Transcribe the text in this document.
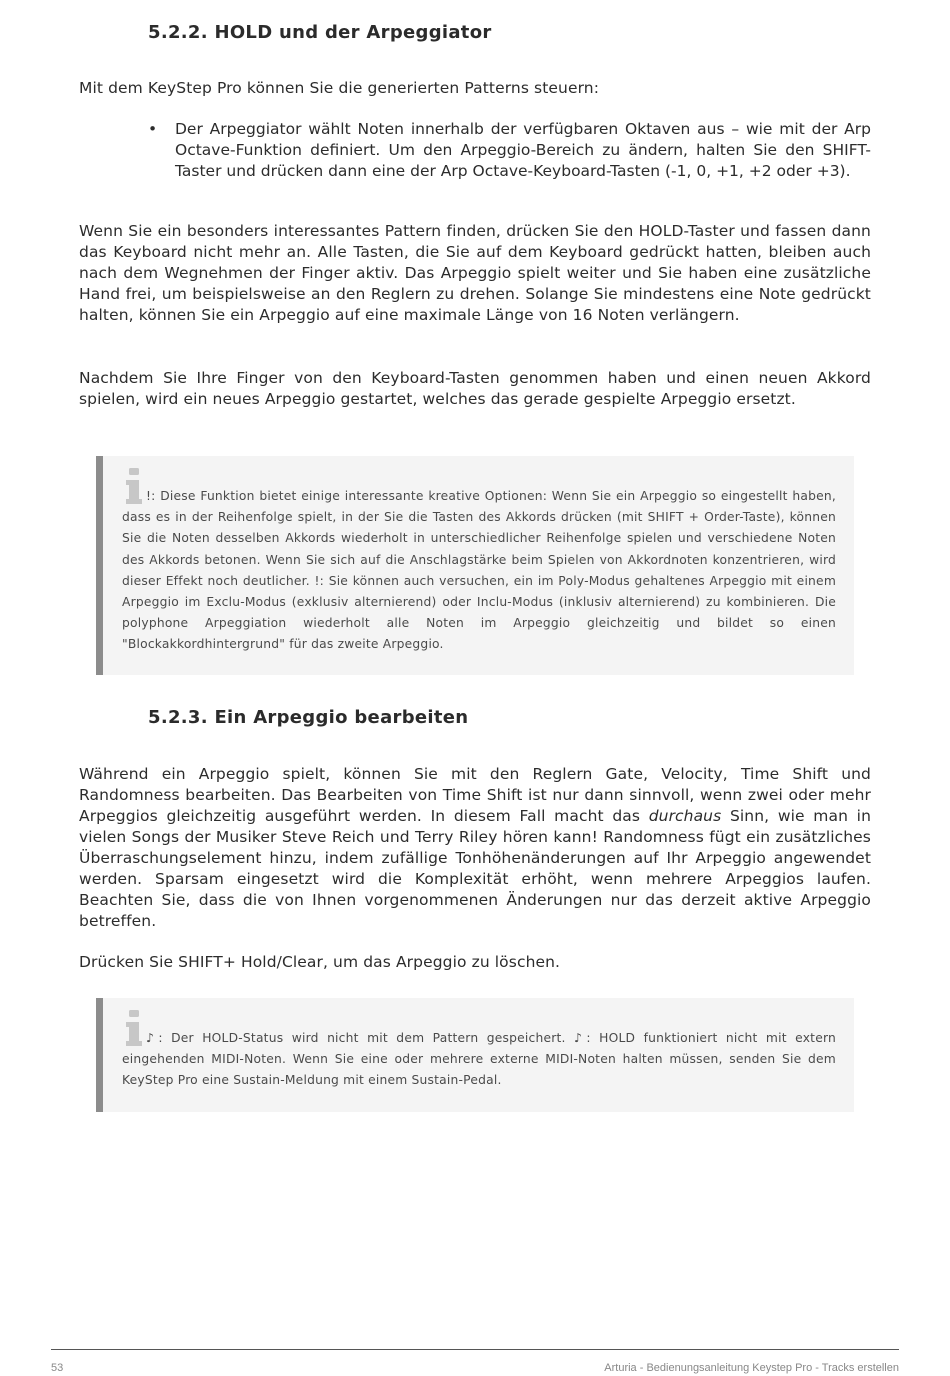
5.2.2. HOLD und der Arpeggiator

Mit dem KeyStep Pro können Sie die generierten Patterns steuern:

• Der Arpeggiator wählt Noten innerhalb der verfügbaren Oktaven aus – wie mit der Arp Octave-Funktion definiert. Um den Arpeggio-Bereich zu ändern, halten Sie den SHIFT-Taster und drücken dann eine der Arp Octave-Keyboard-Tasten (-1, 0, +1, +2 oder +3).

Wenn Sie ein besonders interessantes Pattern finden, drücken Sie den HOLD-Taster und fassen dann das Keyboard nicht mehr an. Alle Tasten, die Sie auf dem Keyboard gedrückt hatten, bleiben auch nach dem Wegnehmen der Finger aktiv. Das Arpeggio spielt weiter und Sie haben eine zusätzliche Hand frei, um beispielsweise an den Reglern zu drehen. Solange Sie mindestens eine Note gedrückt halten, können Sie ein Arpeggio auf eine maximale Länge von 16 Noten verlängern.

Nachdem Sie Ihre Finger von den Keyboard-Tasten genommen haben und einen neuen Akkord spielen, wird ein neues Arpeggio gestartet, welches das gerade gespielte Arpeggio ersetzt.

!: Diese Funktion bietet einige interessante kreative Optionen: Wenn Sie ein Arpeggio so eingestellt haben, dass es in der Reihenfolge spielt, in der Sie die Tasten des Akkords drücken (mit SHIFT + Order-Taste), können Sie die Noten desselben Akkords wiederholt in unterschiedlicher Reihenfolge spielen und verschiedene Noten des Akkords betonen. Wenn Sie sich auf die Anschlagstärke beim Spielen von Akkordnoten konzentrieren, wird dieser Effekt noch deutlicher. !: Sie können auch versuchen, ein im Poly-Modus gehaltenes Arpeggio mit einem Arpeggio im Exclu-Modus (exklusiv alternierend) oder Inclu-Modus (inklusiv alternierend) zu kombinieren. Die polyphone Arpeggiation wiederholt alle Noten im Arpeggio gleichzeitig und bildet so einen "Blockakkordhintergrund" für das zweite Arpeggio.

5.2.3. Ein Arpeggio bearbeiten

Während ein Arpeggio spielt, können Sie mit den Reglern Gate, Velocity, Time Shift und Randomness bearbeiten. Das Bearbeiten von Time Shift ist nur dann sinnvoll, wenn zwei oder mehr Arpeggios gleichzeitig ausgeführt werden. In diesem Fall macht das durchaus Sinn, wie man in vielen Songs der Musiker Steve Reich und Terry Riley hören kann! Randomness fügt ein zusätzliches Überraschungselement hinzu, indem zufällige Tonhöhenänderungen auf Ihr Arpeggio angewendet werden. Sparsam eingesetzt wird die Komplexität erhöht, wenn mehrere Arpeggios laufen. Beachten Sie, dass die von Ihnen vorgenommenen Änderungen nur das derzeit aktive Arpeggio betreffen.

Drücken Sie SHIFT+ Hold/Clear, um das Arpeggio zu löschen.

♪: Der HOLD-Status wird nicht mit dem Pattern gespeichert. ♪: HOLD funktioniert nicht mit extern eingehenden MIDI-Noten. Wenn Sie eine oder mehrere externe MIDI-Noten halten müssen, senden Sie dem KeyStep Pro eine Sustain-Meldung mit einem Sustain-Pedal.

53	Arturia - Bedienungsanleitung Keystep Pro - Tracks erstellen
